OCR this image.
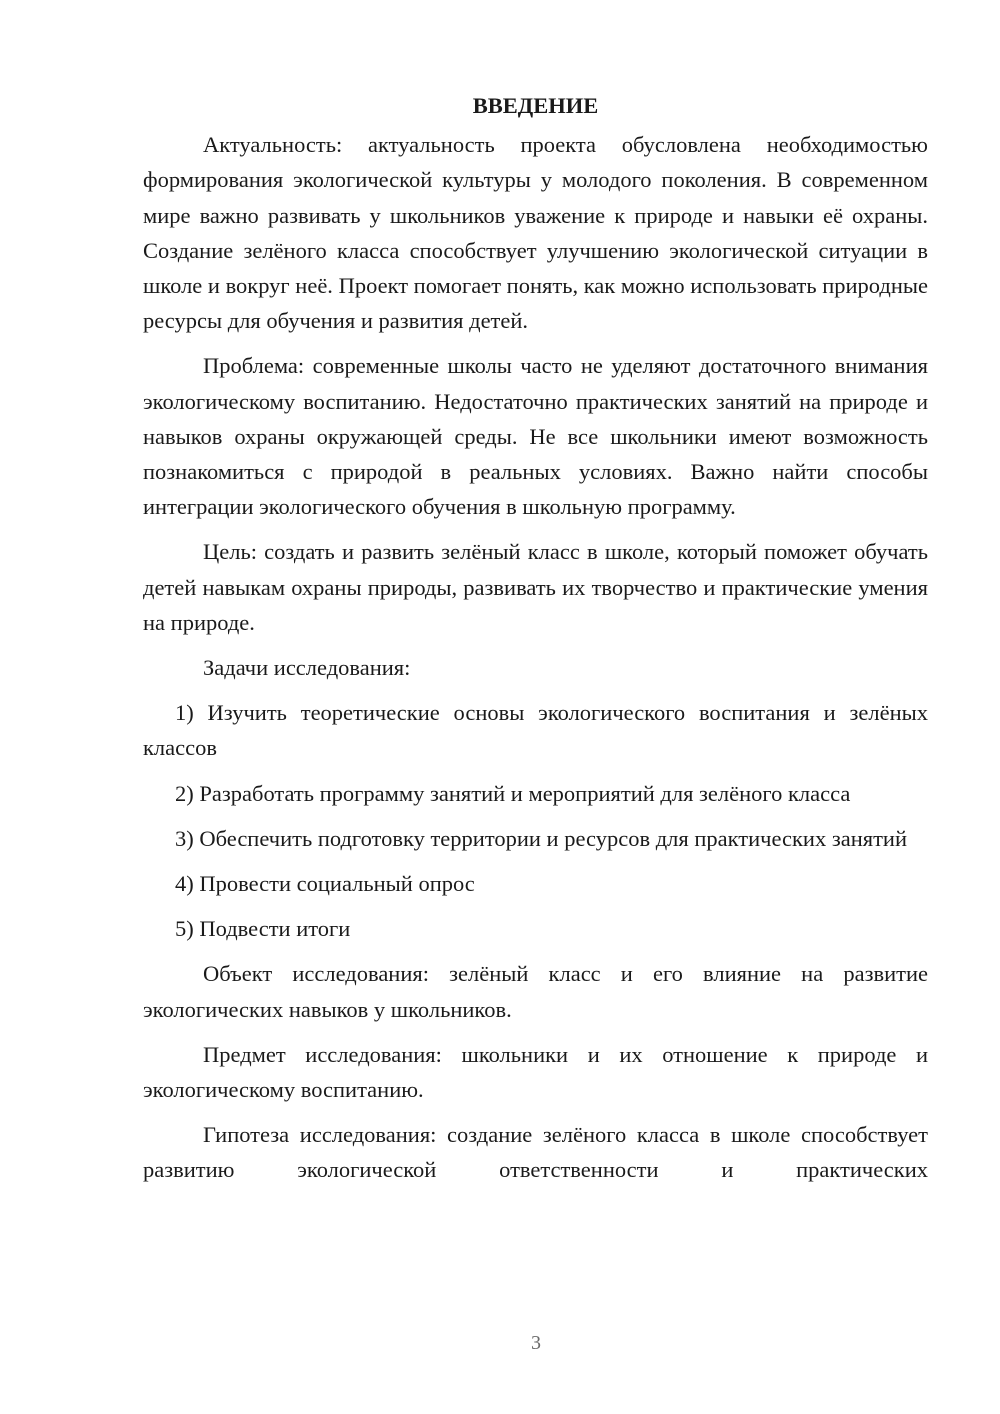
ВВЕДЕНИЕ

Актуальность: актуальность проекта обусловлена необходимостью формирования экологической культуры у молодого поколения. В современном мире важно развивать у школьников уважение к природе и навыки её охраны. Создание зелёного класса способствует улучшению экологической ситуации в школе и вокруг неё. Проект помогает понять, как можно использовать природные ресурсы для обучения и развития детей.

Проблема: современные школы часто не уделяют достаточного внимания экологическому воспитанию. Недостаточно практических занятий на природе и навыков охраны окружающей среды. Не все школьники имеют возможность познакомиться с природой в реальных условиях. Важно найти способы интеграции экологического обучения в школьную программу.

Цель: создать и развить зелёный класс в школе, который поможет обучать детей навыкам охраны природы, развивать их творчество и практические умения на природе.

Задачи исследования:

1) Изучить теоретические основы экологического воспитания и зелёных классов

2) Разработать программу занятий и мероприятий для зелёного класса

3) Обеспечить подготовку территории и ресурсов для практических занятий

4) Провести социальный опрос

5) Подвести итоги

Объект исследования: зелёный класс и его влияние на развитие экологических навыков у школьников.

Предмет исследования: школьники и их отношение к природе и экологическому воспитанию.

Гипотеза исследования: создание зелёного класса в школе способствует развитию экологической ответственности и практических

3
